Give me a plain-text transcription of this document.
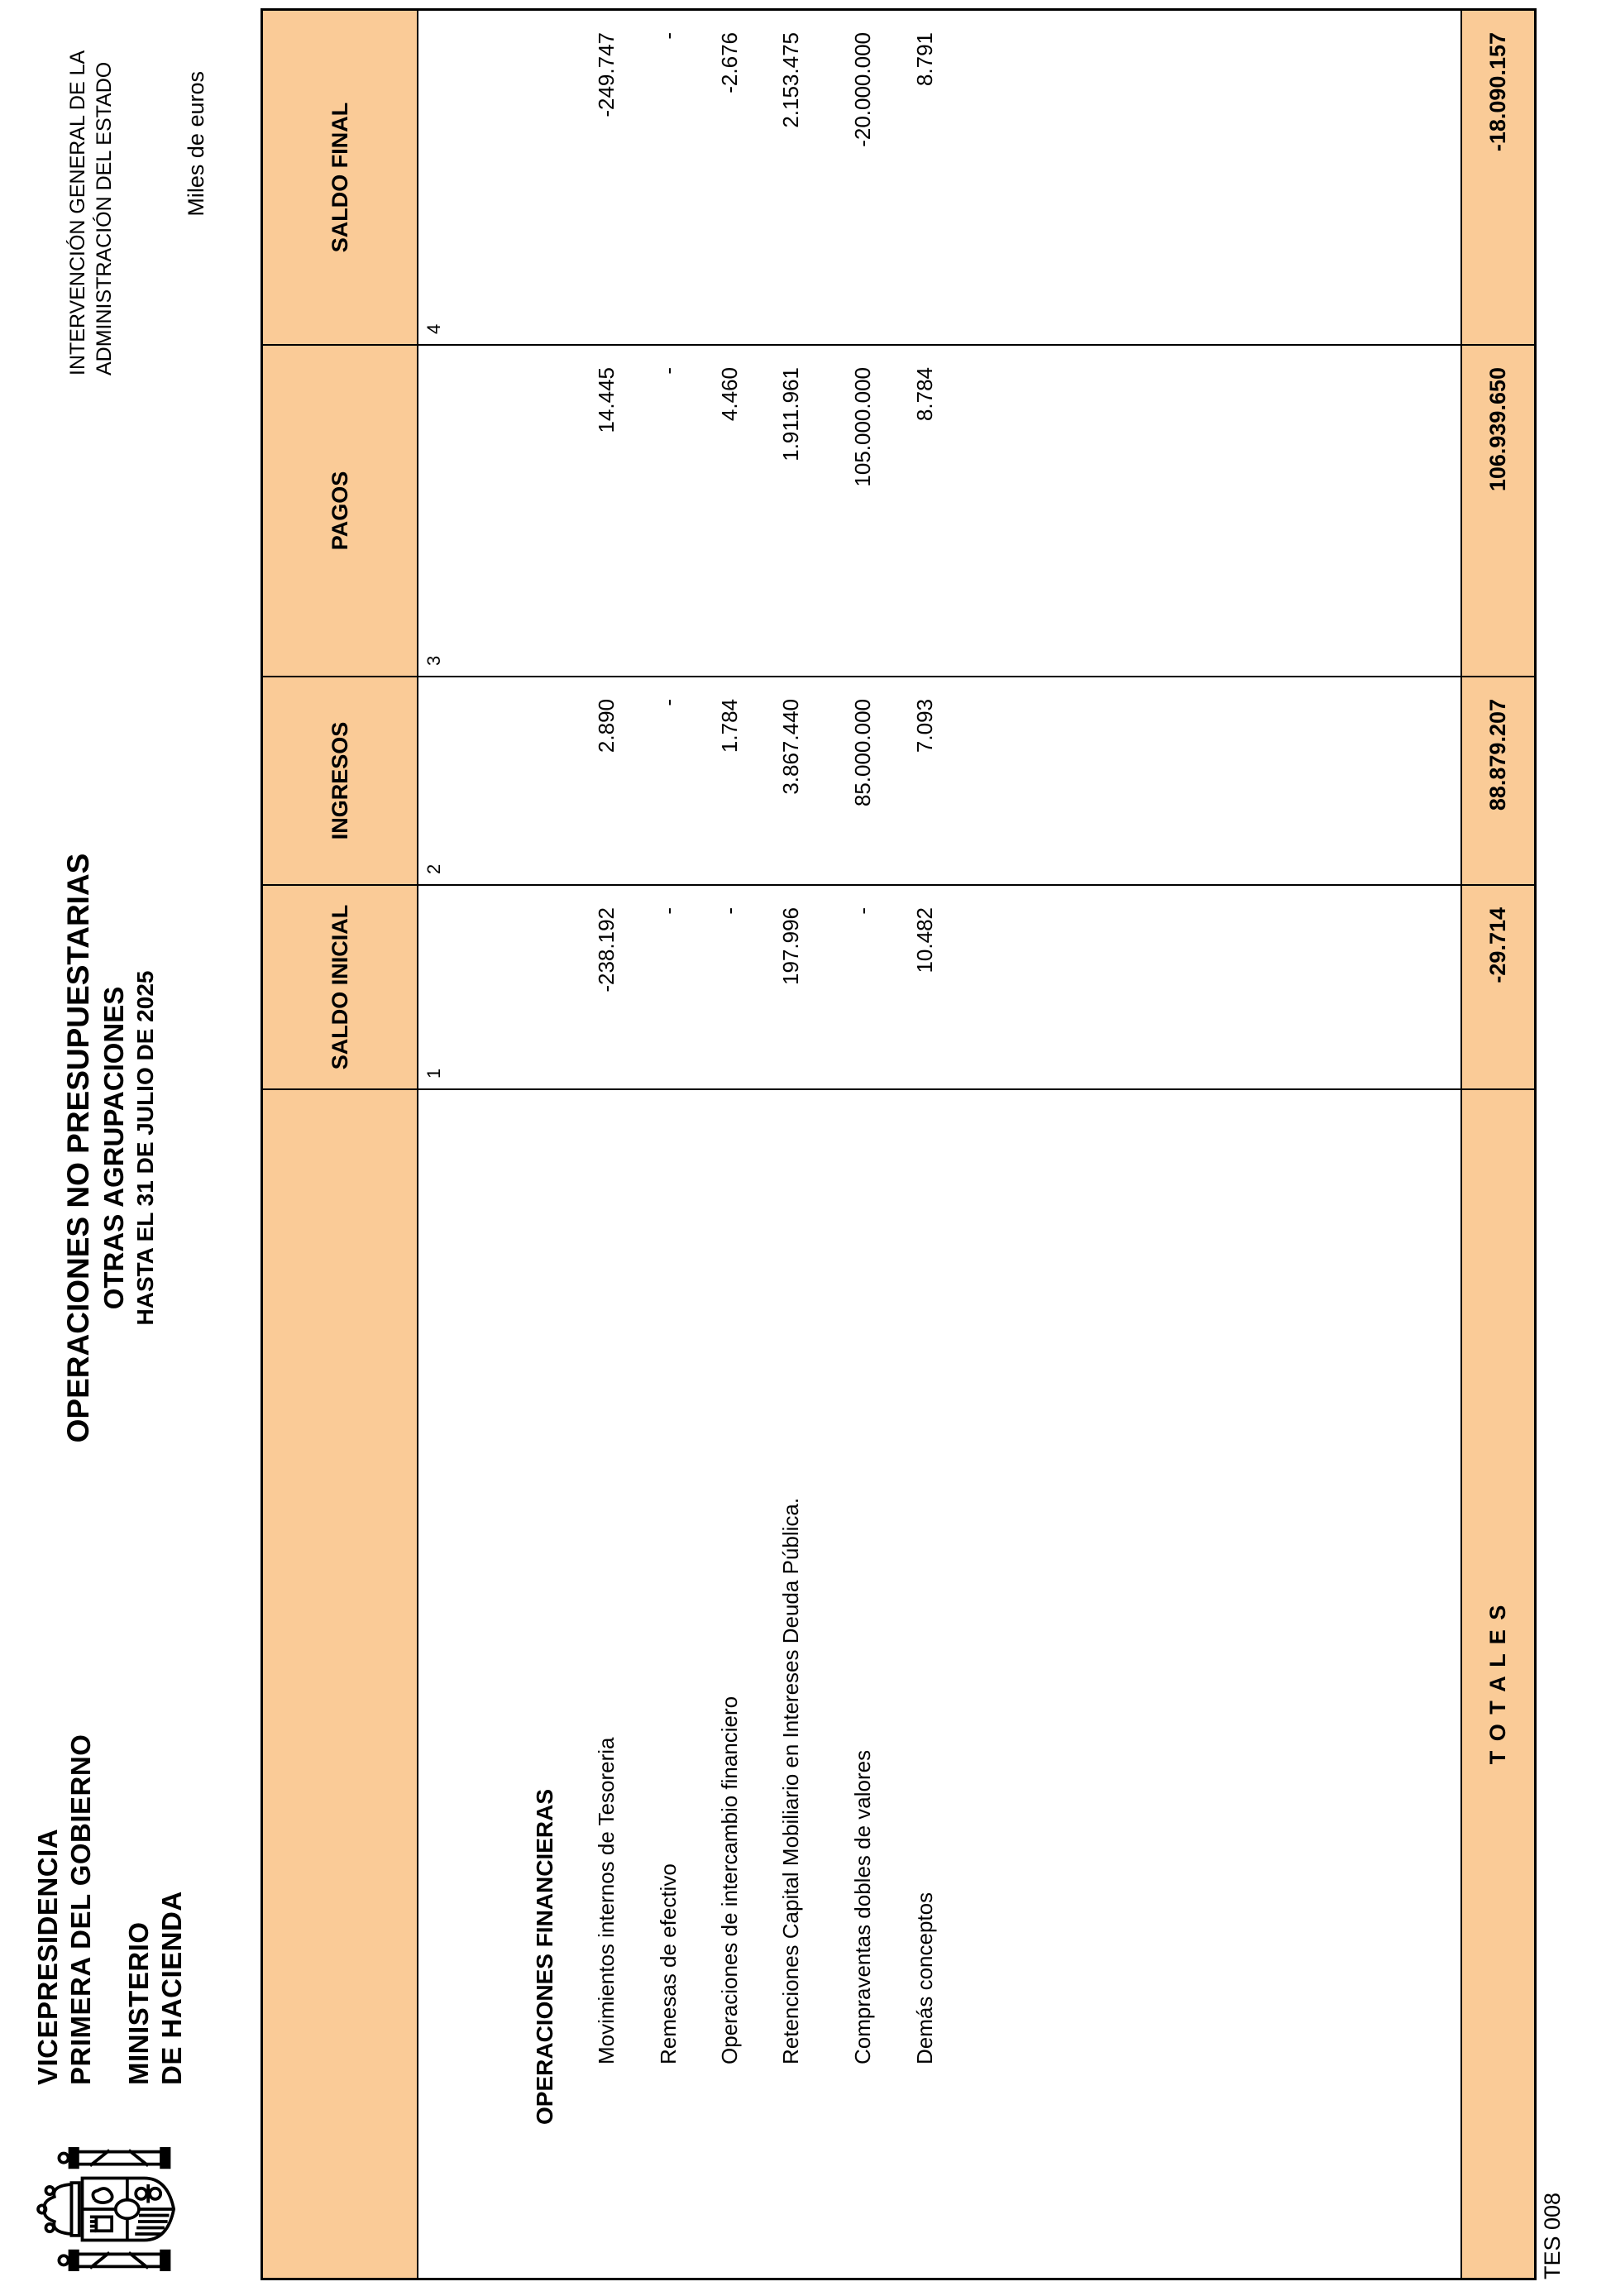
VICEPRESIDENCIA PRIMERA DEL GOBIERNO MINISTERIO DE HACIENDA
OPERACIONES NO PRESUPUESTARIAS OTRAS AGRUPACIONES HASTA EL 31 DE JULIO DE 2025
INTERVENCIÓN GENERAL DE LA ADMINISTRACIÓN DEL ESTADO	Miles de euros
TES 008
SALDO INICIAL
INGRESOS
PAGOS
SALDO FINAL
OPERACIONES FINANCIERAS Movimientos internos de Tesoreria Remesas de efectivo Operaciones de intercambio financiero Retenciones Capital Mobiliario en Intereses Deuda Pública. Compraventas dobles de valores Demás conceptos
1
-238.192 - - 197.996 - 10.482
2
2.890 - 1.784 3.867.440 85.000.000 7.093
3
14.445 - 4.460 1.911.961 105.000.000 8.784
4
-249.747 - -2.676 2.153.475 -20.000.000 8.791
T O T A L E S
-29.714
88.879.207
106.939.650
-18.090.157
